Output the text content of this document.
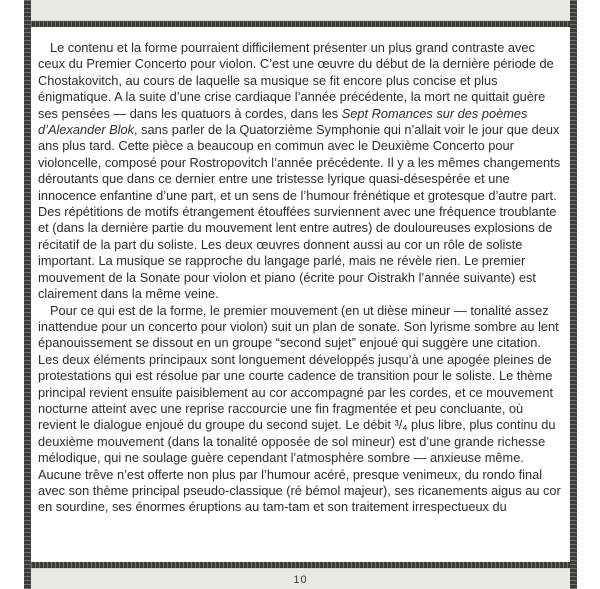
Le contenu et la forme pourraient difficilement présenter un plus grand contraste avec ceux du Premier Concerto pour violon. C’est une œuvre du début de la dernière période de Chostakovitch, au cours de laquelle sa musique se fit encore plus concise et plus énigmatique. A la suite d’une crise cardiaque l’année précédente, la mort ne quittait guère ses pensées — dans les quatuors à cordes, dans les Sept Romances sur des poèmes d’Alexander Blok, sans parler de la Quatorzième Symphonie qui n’allait voir le jour que deux ans plus tard. Cette pièce a beaucoup en commun avec le Deuxième Concerto pour violoncelle, composé pour Rostropovitch l’année précédente. Il y a les mêmes changements déroutants que dans ce dernier entre une tristesse lyrique quasi-désespérée et une innocence enfantine d’une part, et un sens de l’humour frénétique et grotesque d’autre part. Des répétitions de motifs étrangement étouffées surviennent avec une fréquence troublante et (dans la dernière partie du mouvement lent entre autres) de douloureuses explosions de récitatif de la part du soliste. Les deux œuvres donnent aussi au cor un rôle de soliste important. La musique se rapproche du langage parlé, mais ne révèle rien. Le premier mouvement de la Sonate pour violon et piano (écrite pour Oistrakh l’année suivante) est clairement dans la même veine.

Pour ce qui est de la forme, le premier mouvement (en ut dièse mineur — tonalité assez inattendue pour un concerto pour violon) suit un plan de sonate. Son lyrisme sombre au lent épanouissement se dissout en un groupe “second sujet” enjoué qui suggère une citation. Les deux éléments principaux sont longuement développés jusqu’à une apogée pleines de protestations qui est résolue par une courte cadence de transition pour le soliste. Le thème principal revient ensuite paisiblement au cor accompagné par les cordes, et ce mouvement nocturne atteint avec une reprise raccourcie une fin fragmentée et peu concluante, où revient le dialogue enjoué du groupe du second sujet. Le débit ³/₄ plus libre, plus continu du deuxième mouvement (dans la tonalité opposée de sol mineur) est d’une grande richesse mélodique, qui ne soulage guère cependant l’atmosphère sombre — anxieuse même. Aucune trêve n’est offerte non plus par l’humour acéré, presque venimeux, du rondo final avec son thème principal pseudo-classique (ré bémol majeur), ses ricanements aigus au cor en sourdine, ses énormes éruptions au tam-tam et son traitement irrespectueux du

10
